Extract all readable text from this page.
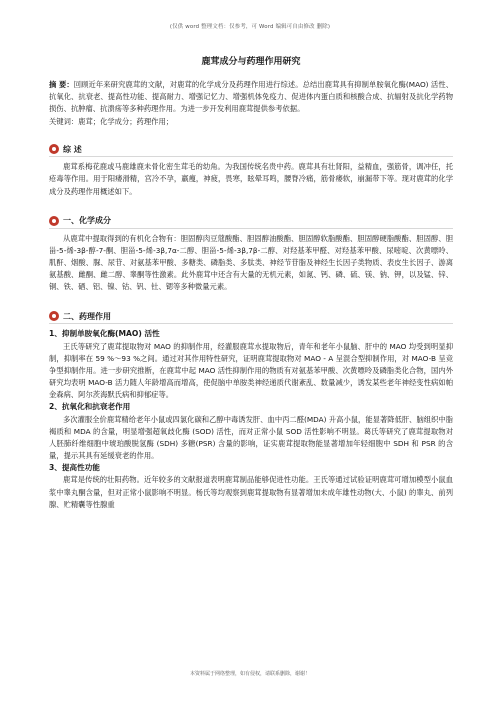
(仅供 word 整理文档：仅参考，可 Word 编辑可自由修改 删除)
鹿茸成分与药理作用研究

摘 要：回顾近年来研究鹿茸的文献，对鹿茸的化学成分及药理作用进行综述。总结出鹿茸具有抑制单胺氧化酶(MAO) 活性、抗氧化、抗衰老、提高性功能、提高耐力、增强记忆力、增强机体免疫力、促进体内蛋白质和核酸合成、抗辐射及抗化学药物损伤、抗肿瘤、抗溃疡等多种药理作用。为进一步开发利用鹿茸提供参考依据。

关键词：鹿茸；化学成分；药理作用；

综 述

鹿茸系梅花鹿或马鹿雄鹿未骨化密生茸毛的幼角。为我国传统名贵中药。鹿茸具有壮肾阳，益精血，强筋骨，调冲任，托疮毒等作用。用于阳痿滑精，宫冷不孕，羸瘦，神疲，畏寒，眩晕耳鸣，腰脊冷痛，筋骨痿软，崩漏带下等。现对鹿茸的化学成分及药理作用概述如下。

一、化学成分

从鹿茸中提取得到的有机化合物有：胆固醇肉豆蔻酸酯、胆固醇油酸酯、胆固醇软脂酸酯、胆固醇硬脂酸酯、胆固醇、胆甾-5-烯-3β-醇-7-酮、胆甾-5-烯-3β,7α-二醇、胆甾-5-烯-3β,7β-二醇、对羟基苯甲醛、对羟基苯甲酸、尿嘧啶、次黄嘌呤、肌酐、烟酸、脲、尿苷、对氨基苯甲酸、多糖类、磷脂类、多肽类、神经节苷脂及神经生长因子类物质、表皮生长因子、游离氨基酸、雌酮、雌二醇、睾酮等性激素。此外鹿茸中还含有大量的无机元素，如氮、钙、磷、硫、镁、钠、钾，以及锰、锌、铜、铁、硒、铝、镍、钴、钒、钍、锶等多种微量元素。

二、药理作用

1、抑制单胺氧化酶(MAO) 活性

王氏等研究了鹿茸提取物对 MAO 的抑制作用，经灌服鹿茸水提取物后，青年和老年小鼠脑、肝中的 MAO 均受到明显抑制，抑制率在 59 %～93 %之间。通过对其作用特性研究，证明鹿茸提取物对 MAO - A 呈混合型抑制作用，对 MAO-B 呈竞争型抑制作用。进一步研究推断，在鹿茸中起 MAO 活性抑制作用的物质有对氨基苯甲酸、次黄嘌呤及磷脂类化合物，国内外研究均表明 MAO-B 活力随人年龄增高而增高，使促脑中单胺类神经递质代谢紊乱、数量减少，诱发某些老年神经变性病如帕金森病、阿尔茨海默氏病和抑郁症等。

2、抗氧化和抗衰老作用

多次灌服全价鹿茸精给老年小鼠或四氯化碳和乙醇中毒诱发肝、血中丙二醛(MDA) 升高小鼠，能显著降低肝、脑组织中脂褐质和 MDA 的含量，明显增强超氧歧化酶 (SOD) 活性，而对正常小鼠 SOD 活性影响不明显。葛氏等研究了鹿茸提取物对人胚肺纤维细胞中琥珀酸脱氢酶 (SDH) 多糖(PSR) 含量的影响，证实鹿茸提取物能显著增加年轻细胞中 SDH 和 PSR 的含量，提示其具有延缓衰老的作用。

3、提高性功能

鹿茸是传统的壮阳药物。近年较多的文献报道表明鹿茸制品能够促进性功能。王氏等通过试验证明鹿茸可增加模型小鼠血浆中睾丸酮含量，但对正常小鼠影响不明显。杨氏等均观察到鹿茸提取物有显著增加未成年雄性动物(大、小鼠) 的睾丸、前列腺、贮精囊等性腺重

本资料属于网络整理，如有侵权，请联系删除，谢谢！
